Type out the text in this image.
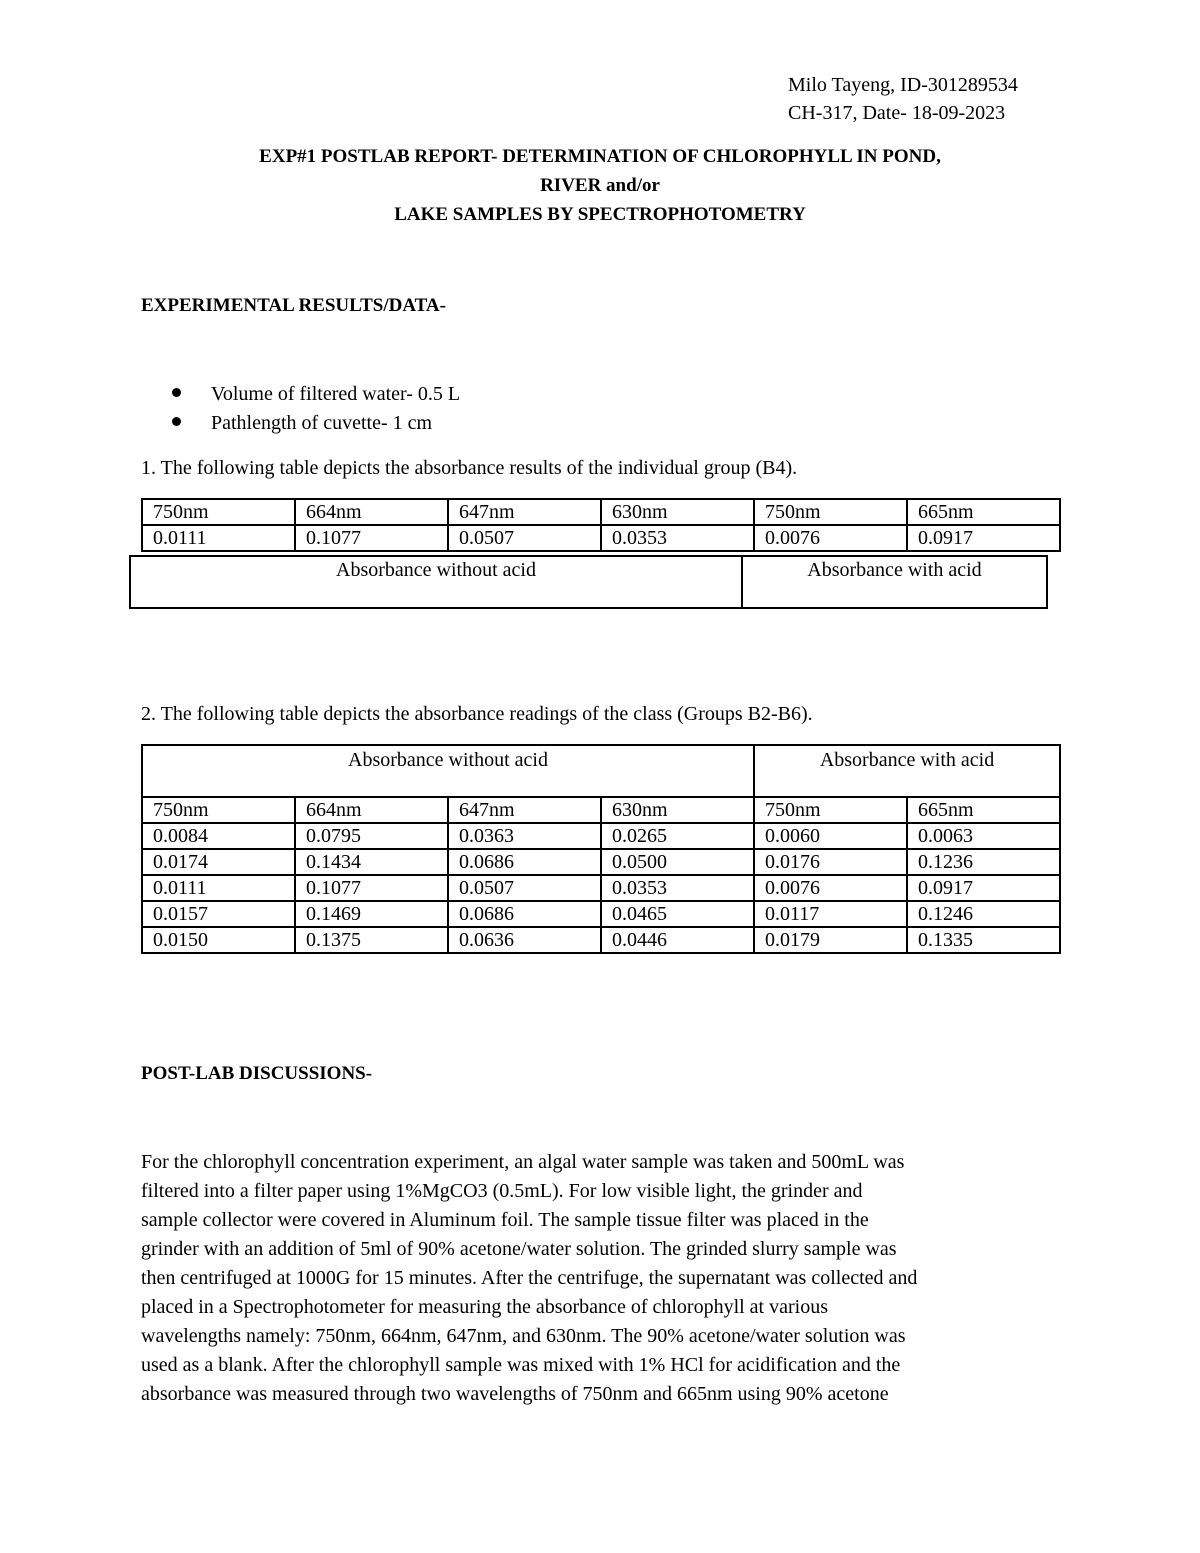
Milo Tayeng, ID-301289534
CH-317, Date- 18-09-2023
EXP#1 POSTLAB REPORT- DETERMINATION OF CHLOROPHYLL IN POND,
RIVER and/or
LAKE SAMPLES BY SPECTROPHOTOMETRY
EXPERIMENTAL RESULTS/DATA-
Volume of filtered water- 0.5 L
Pathlength of cuvette- 1 cm
1. The following table depicts the absorbance results of the individual group (B4).
750nm	664nm	647nm	630nm	750nm	665nm
0.0111	0.1077	0.0507	0.0353	0.0076	0.0917
Absorbance without acid	Absorbance with acid
2. The following table depicts the absorbance readings of the class (Groups B2-B6).
Absorbance without acid				Absorbance with acid	
750nm	664nm	647nm	630nm	750nm	665nm
0.0084	0.0795	0.0363	0.0265	0.0060	0.0063
0.0174	0.1434	0.0686	0.0500	0.0176	0.1236
0.0111	0.1077	0.0507	0.0353	0.0076	0.0917
0.0157	0.1469	0.0686	0.0465	0.0117	0.1246
0.0150	0.1375	0.0636	0.0446	0.0179	0.1335
POST-LAB DISCUSSIONS-
For the chlorophyll concentration experiment, an algal water sample was taken and 500mL was
filtered into a filter paper using 1%MgCO3 (0.5mL). For low visible light, the grinder and
sample collector were covered in Aluminum foil. The sample tissue filter was placed in the
grinder with an addition of 5ml of 90% acetone/water solution. The grinded slurry sample was
then centrifuged at 1000G for 15 minutes. After the centrifuge, the supernatant was collected and
placed in a Spectrophotometer for measuring the absorbance of chlorophyll at various
wavelengths namely: 750nm, 664nm, 647nm, and 630nm. The 90% acetone/water solution was
used as a blank. After the chlorophyll sample was mixed with 1% HCl for acidification and the
absorbance was measured through two wavelengths of 750nm and 665nm using 90% acetone
